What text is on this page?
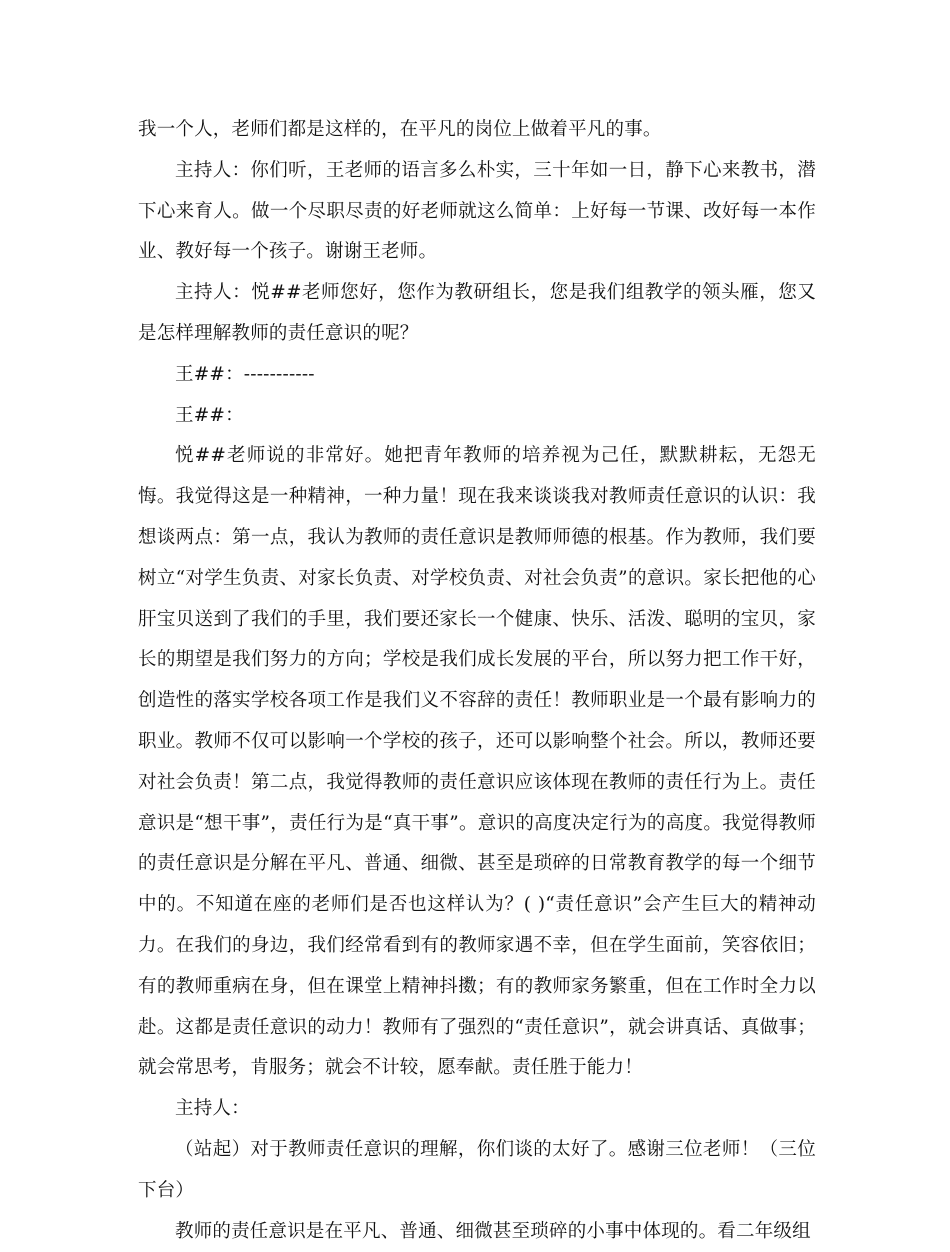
我一个人，老师们都是这样的，在平凡的岗位上做着平凡的事。

主持人：你们听，王老师的语言多么朴实，三十年如一日，静下心来教书，潜下心来育人。做一个尽职尽责的好老师就这么简单：上好每一节课、改好每一本作业、教好每一个孩子。谢谢王老师。

主持人：悦##老师您好，您作为教研组长，您是我们组教学的领头雁，您又是怎样理解教师的责任意识的呢？

王##：-----------

王##：

悦##老师说的非常好。她把青年教师的培养视为己任，默默耕耘，无怨无悔。我觉得这是一种精神，一种力量！现在我来谈谈我对教师责任意识的认识：我想谈两点：第一点，我认为教师的责任意识是教师师德的根基。作为教师，我们要树立“对学生负责、对家长负责、对学校负责、对社会负责”的意识。家长把他的心肝宝贝送到了我们的手里，我们要还家长一个健康、快乐、活泼、聪明的宝贝，家长的期望是我们努力的方向；学校是我们成长发展的平台，所以努力把工作干好，创造性的落实学校各项工作是我们义不容辞的责任！教师职业是一个最有影响力的职业。教师不仅可以影响一个学校的孩子，还可以影响整个社会。所以，教师还要对社会负责！第二点，我觉得教师的责任意识应该体现在教师的责任行为上。责任意识是“想干事”，责任行为是“真干事”。意识的高度决定行为的高度。我觉得教师的责任意识是分解在平凡、普通、细微、甚至是琐碎的日常教育教学的每一个细节中的。不知道在座的老师们是否也这样认为？( )“责任意识”会产生巨大的精神动力。在我们的身边，我们经常看到有的教师家遇不幸，但在学生面前，笑容依旧；有的教师重病在身，但在课堂上精神抖擞；有的教师家务繁重，但在工作时全力以赴。这都是责任意识的动力！教师有了强烈的“责任意识”，就会讲真话、真做事；就会常思考，肯服务；就会不计较，愿奉献。责任胜于能力！

主持人：

（站起）对于教师责任意识的理解，你们谈的太好了。感谢三位老师！（三位下台）

教师的责任意识是在平凡、普通、细微甚至琐碎的小事中体现的。看二年级组
